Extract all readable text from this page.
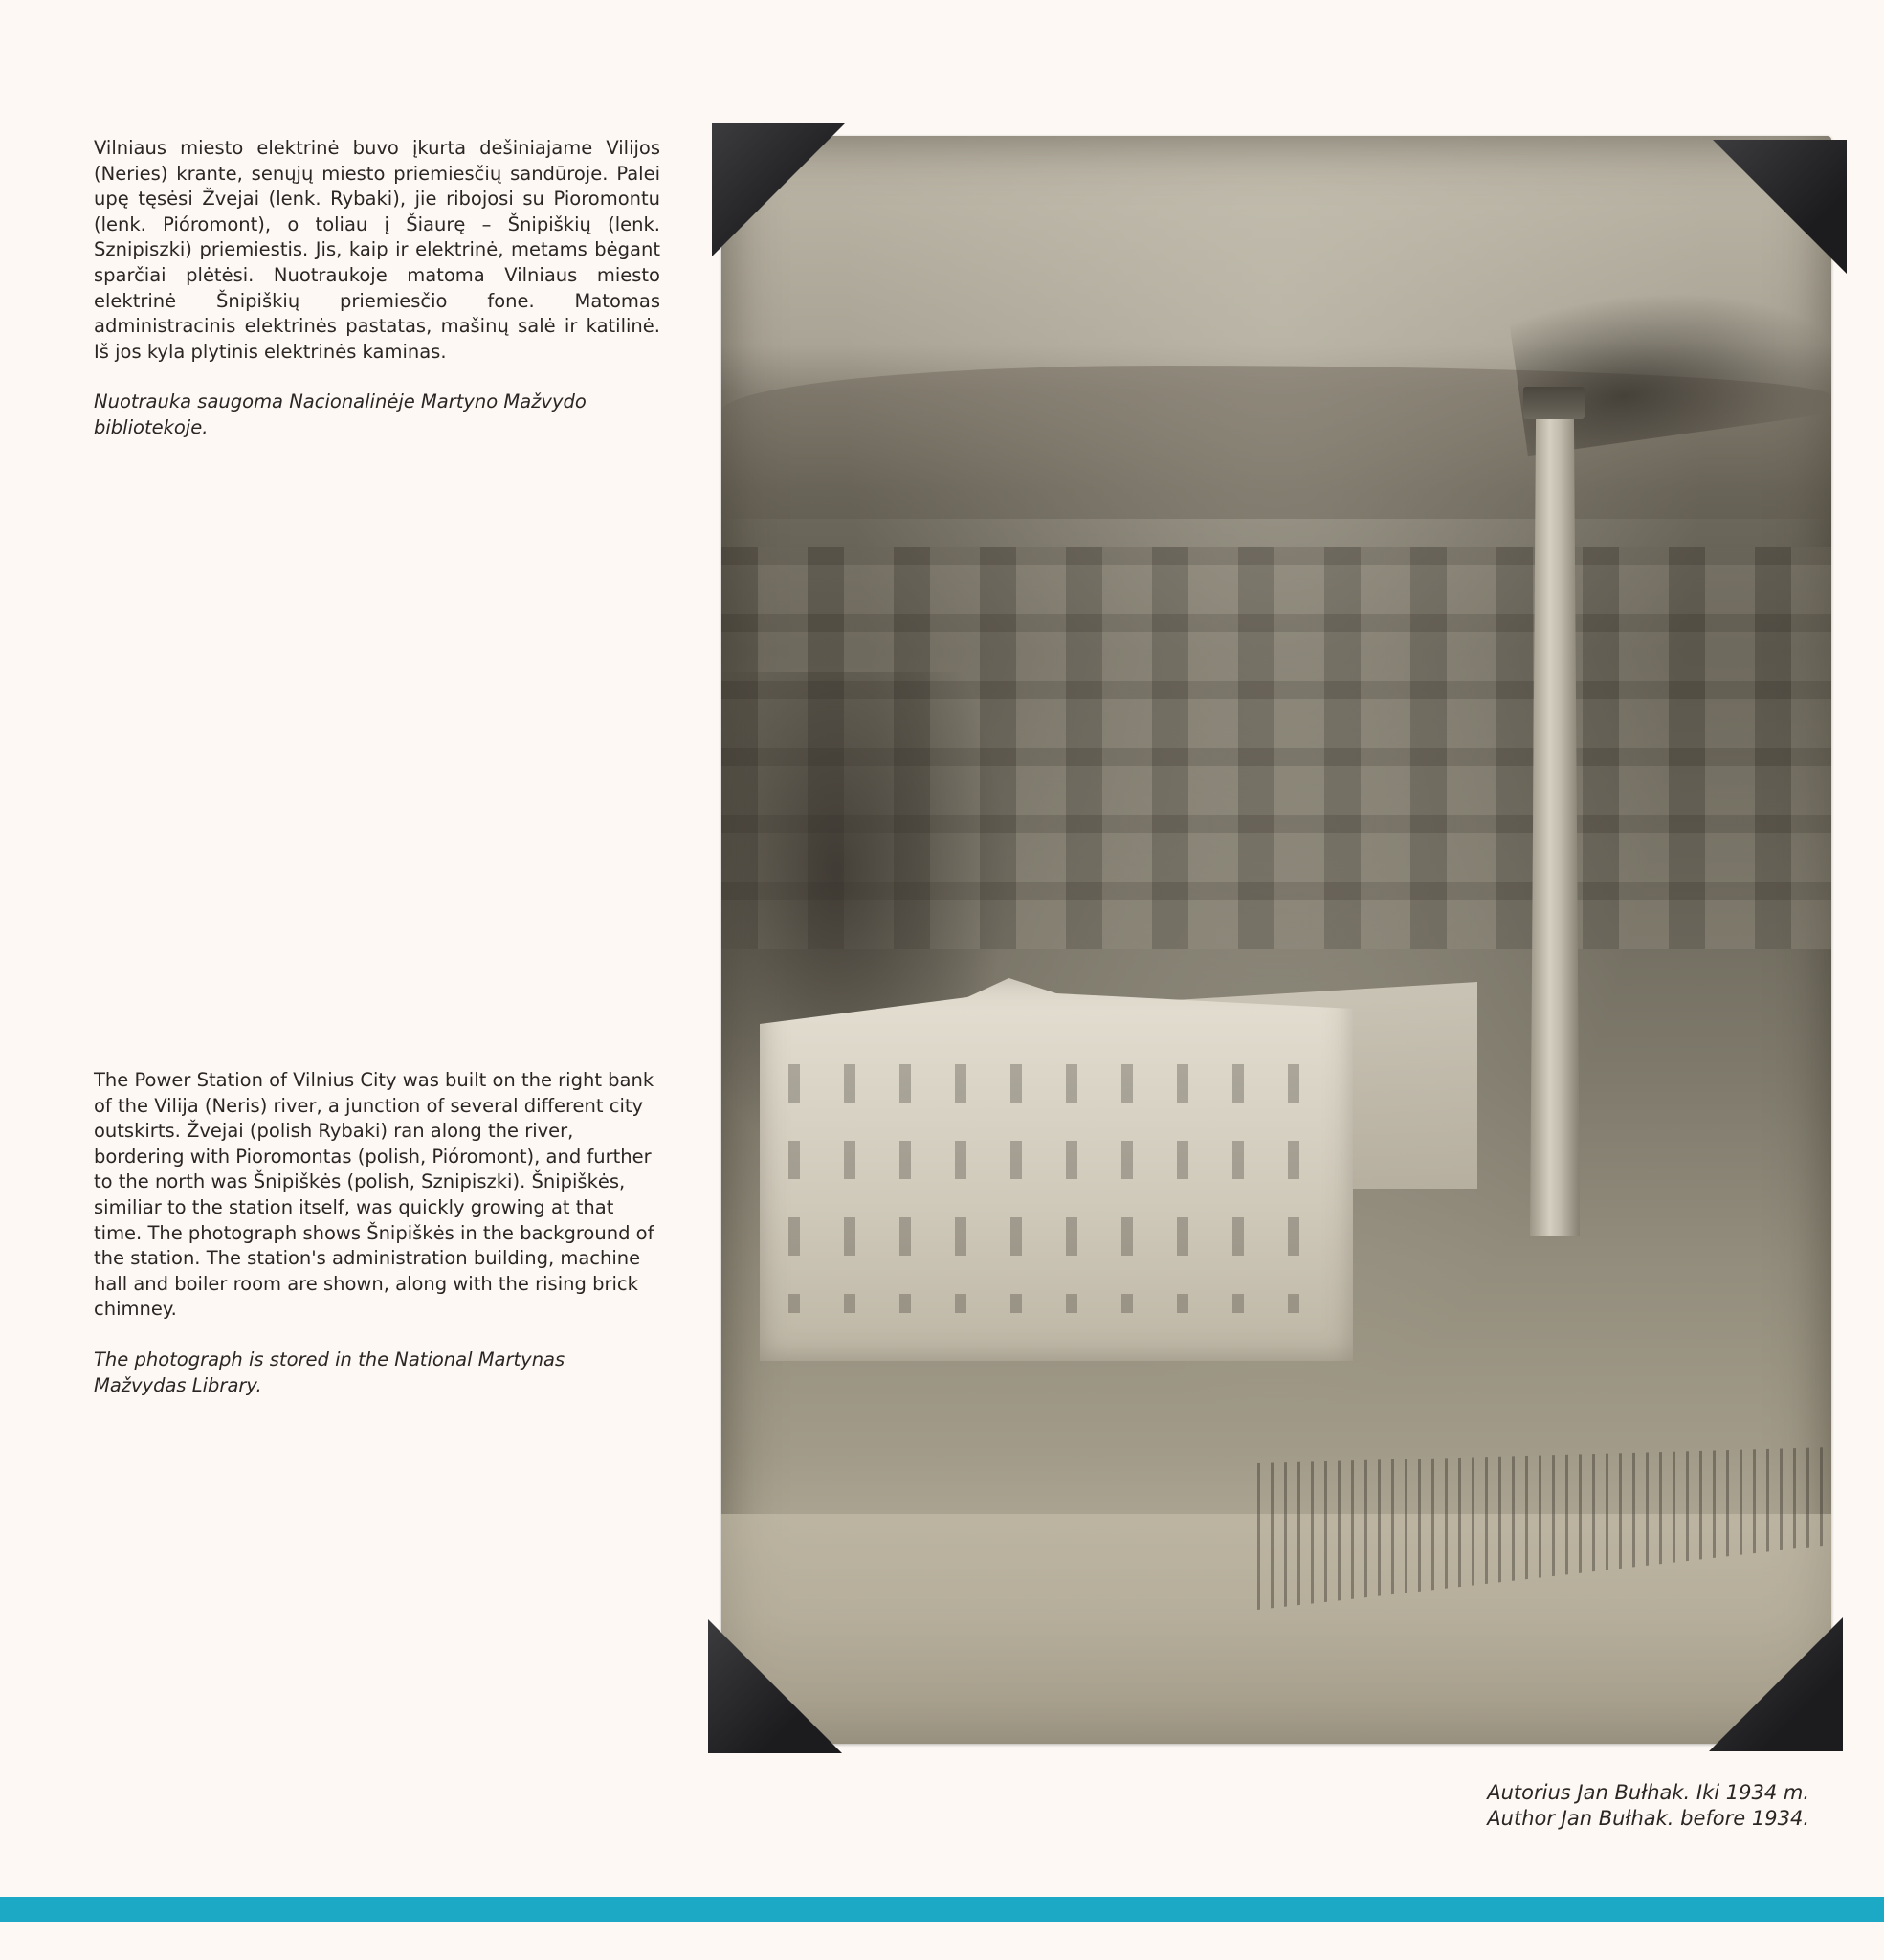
Vilniaus miesto elektrinė buvo įkurta dešiniajame Vilijos (Neries) krante, senųjų miesto priemiesčių sandūroje. Palei upę tęsėsi Žvejai (lenk. Rybaki), jie ribojosi su Pioromontu (lenk. Pióromont), o toliau į Šiaurę – Šnipiškių (lenk. Sznipiszki) priemiestis. Jis, kaip ir elektrinė, metams bėgant sparčiai plėtėsi. Nuotraukoje matoma Vilniaus miesto elektrinė Šnipiškių priemiesčio fone. Matomas administracinis elektrinės pastatas, mašinų salė ir katilinė. Iš jos kyla plytinis elektrinės kaminas.

Nuotrauka saugoma Nacionalinėje Martyno Mažvydo bibliotekoje.

The Power Station of Vilnius City was built on the right bank of the Vilija (Neris) river, a junction of several different city outskirts. Žvejai (polish Rybaki) ran along the river, bordering with Pioromontas (polish, Pióromont), and further to the north was Šnipiškės (polish, Sznipiszki). Šnipiškės, similiar to the station itself, was quickly growing at that time. The photograph shows Šnipiškės in the background of the station. The station's administration building, machine hall and boiler room are shown, along with the rising brick chimney.

The photograph is stored in the National Martynas Mažvydas Library.

Autorius Jan Bułhak. Iki 1934 m.
Author Jan Bułhak. before 1934.
